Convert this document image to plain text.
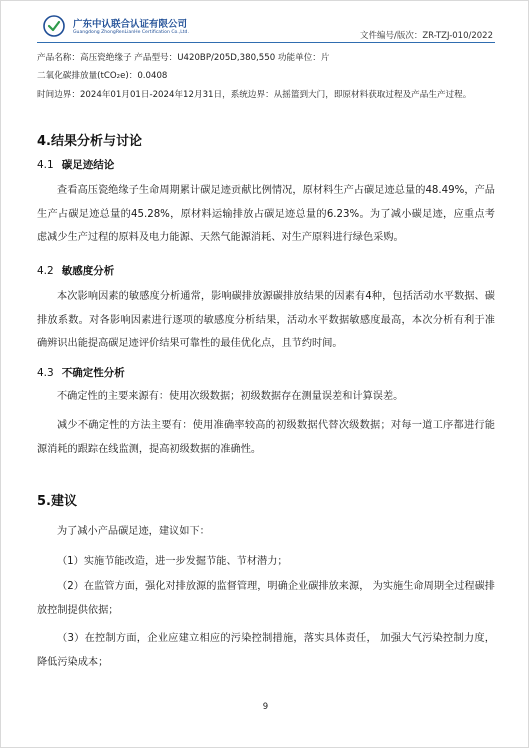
广东中认联合认证有限公司
Guangdong ZhongRenLianHe Certification Co.,Ltd.	文件编号/版次：ZR-TZJ-010/2022
产品名称：高压瓷绝缘子 产品型号：U420BP/205D,380,550 功能单位：片
二氧化碳排放量(tCO₂e)：0.0408
时间边界：2024年01月01日-2024年12月31日，系统边界：从摇篮到大门，即原材料获取过程及产品生产过程。
4.结果分析与讨论
4.1 碳足迹结论
查看高压瓷绝缘子生命周期累计碳足迹贡献比例情况，原材料生产占碳足迹总量的48.49%，产品生产占碳足迹总量的45.28%，原材料运输排放占碳足迹总量的6.23%。为了减小碳足迹，应重点考虑减少生产过程的原料及电力能源、天然气能源消耗、对生产原料进行绿色采购。
4.2 敏感度分析
本次影响因素的敏感度分析通常，影响碳排放源碳排放结果的因素有4种，包括活动水平数据、碳排放系数。对各影响因素进行逐项的敏感度分析结果，活动水平数据敏感度最高，本次分析有利于准确辨识出能提高碳足迹评价结果可靠性的最佳优化点，且节约时间。
4.3 不确定性分析
不确定性的主要来源有：使用次级数据；初级数据存在测量误差和计算误差。
减少不确定性的方法主要有：使用准确率较高的初级数据代替次级数据；对每一道工序都进行能源消耗的跟踪在线监测，提高初级数据的准确性。
5.建议
为了减小产品碳足迹，建议如下：
（1）实施节能改造，进一步发掘节能、节材潜力；
（2）在监管方面，强化对排放源的监督管理，明确企业碳排放来源， 为实施生命周期全过程碳排放控制提供依据；
（3）在控制方面，企业应建立相应的污染控制措施，落实具体责任， 加强大气污染控制力度， 降低污染成本；
9
